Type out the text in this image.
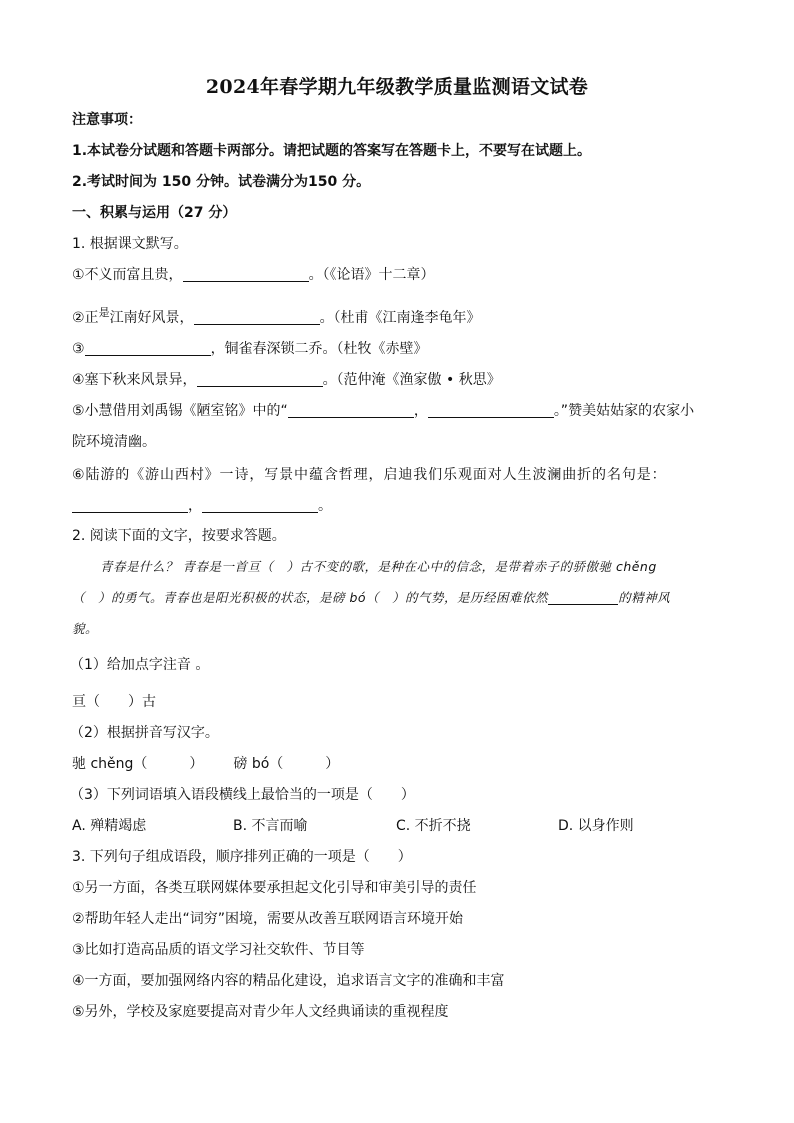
2024年春学期九年级教学质量监测语文试卷
注意事项：
1.本试卷分试题和答题卡两部分。请把试题的答案写在答题卡上，不要写在试题上。
2.考试时间为 150 分钟。试卷满分为150 分。
一、积累与运用（27 分）
1. 根据课文默写。
①不义而富且贵，	。（《论语》十二章）
②正$^是$江南好风景，	。（杜甫《江南逢李龟年》
③	，铜雀春深锁二乔。（杜牧《赤壁》
④塞下秋来风景异，	。（范仲淹《渔家傲 • 秋思》
⑤小慧借用刘禹锡《陋室铭》中的“	，	。”赞美姑姑家的农家小
院环境清幽。
⑥陆游的《游山西村》一诗，写景中蕴含哲理，启迪我们乐观面对人生波澜曲折的名句是：
，	。
2. 阅读下面的文字，按要求答题。
青春是什么？ 青春是一首亘（　）古不变的歌，是种在心中的信念，是带着赤子的骄傲驰 chěng
（　）的勇气。青春也是阳光积极的状态，是磅 bó（　）的气势，是历经困难依然	的精神风
貌。
（1）给加点字注音 。
亘（　　）古
（2）根据拼音写汉字。
驰 chěng（　　　） 磅 bó（　　　）
（3）下列词语填入语段横线上最恰当的一项是（　　）
A. 殚精竭虑	B. 不言而喻	C. 不折不挠	D. 以身作则
3. 下列句子组成语段，顺序排列正确的一项是（　　）
①另一方面，各类互联网媒体要承担起文化引导和审美引导的责任
②帮助年轻人走出“词穷”困境，需要从改善互联网语言环境开始
③比如打造高品质的语文学习社交软件、节目等
④一方面，要加强网络内容的精品化建设，追求语言文字的准确和丰富
⑤另外，学校及家庭要提高对青少年人文经典诵读的重视程度
